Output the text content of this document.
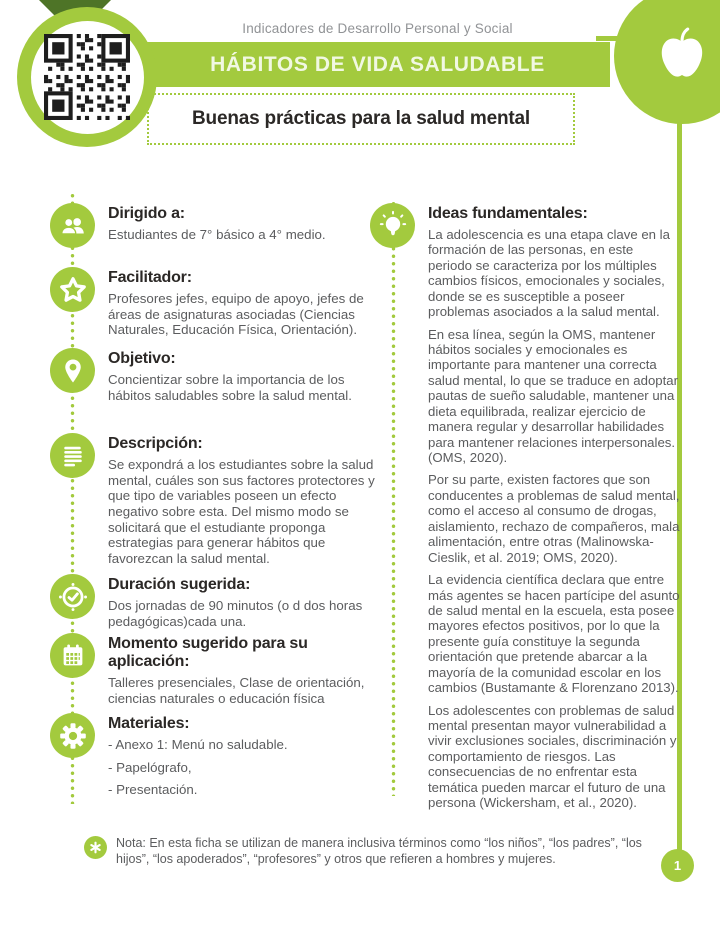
Indicadores de Desarrollo Personal y Social
HÁBITOS DE VIDA SALUDABLE
Buenas prácticas para la salud mental
1
Dirigido a:
Estudiantes de 7° básico a 4° medio.
Facilitador:
Profesores jefes, equipo de apoyo, jefes de áreas de asignaturas asociadas (Ciencias Naturales, Educación Física, Orientación).
Objetivo:
Concientizar sobre la importancia de los hábitos saludables sobre la salud mental.
Descripción:
Se expondrá a los estudiantes sobre la salud mental, cuáles son sus factores protectores y que tipo de variables poseen un efecto negativo sobre esta. Del mismo modo se solicitará que el estudiante proponga estrategias para generar hábitos que favorezcan la salud mental.
Duración sugerida:
Dos jornadas de 90 minutos (o d dos horas pedagógicas)cada una.
Momento sugerido para su aplicación:
Talleres presenciales, Clase de orientación, ciencias naturales o educación física
Materiales:
- Anexo 1: Menú no saludable.
- Papelógrafo,
- Presentación.
Ideas fundamentales:

La adolescencia es una etapa clave en la formación de las personas, en este periodo se caracteriza por los múltiples cambios físicos, emocionales y sociales, donde se es susceptible a poseer problemas asociados a la salud mental.

En esa línea, según la OMS, mantener hábitos sociales y emocionales es importante para mantener una correcta salud mental, lo que se traduce en adoptar pautas de sueño saludable, mantener una dieta equilibrada, realizar ejercicio de manera regular y desarrollar habilidades para mantener relaciones interpersonales. (OMS, 2020).

Por su parte, existen factores que son conducentes a problemas de salud mental, como el acceso al consumo de drogas, aislamiento, rechazo de compañeros, mala alimentación, entre otras (Malinowska-Cieslik, et al. 2019; OMS, 2020).

La evidencia científica declara que entre más agentes se hacen partícipe del asunto de salud mental en la escuela, esta posee mayores efectos positivos, por lo que la presente guía constituye la segunda orientación que pretende abarcar a la mayoría de la comunidad escolar en los cambios (Bustamante & Florenzano 2013).

Los adolescentes con problemas de salud mental presentan mayor vulnerabilidad a vivir exclusiones sociales, discriminación y comportamiento de riesgos. Las consecuencias de no enfrentar esta temática pueden marcar el futuro de una persona (Wickersham, et al., 2020).

Nota: En esta ficha se utilizan de manera inclusiva términos como “los niños”, “los padres”, “los hijos”, “los apoderados”, “profesores” y otros que refieren a hombres y mujeres.
